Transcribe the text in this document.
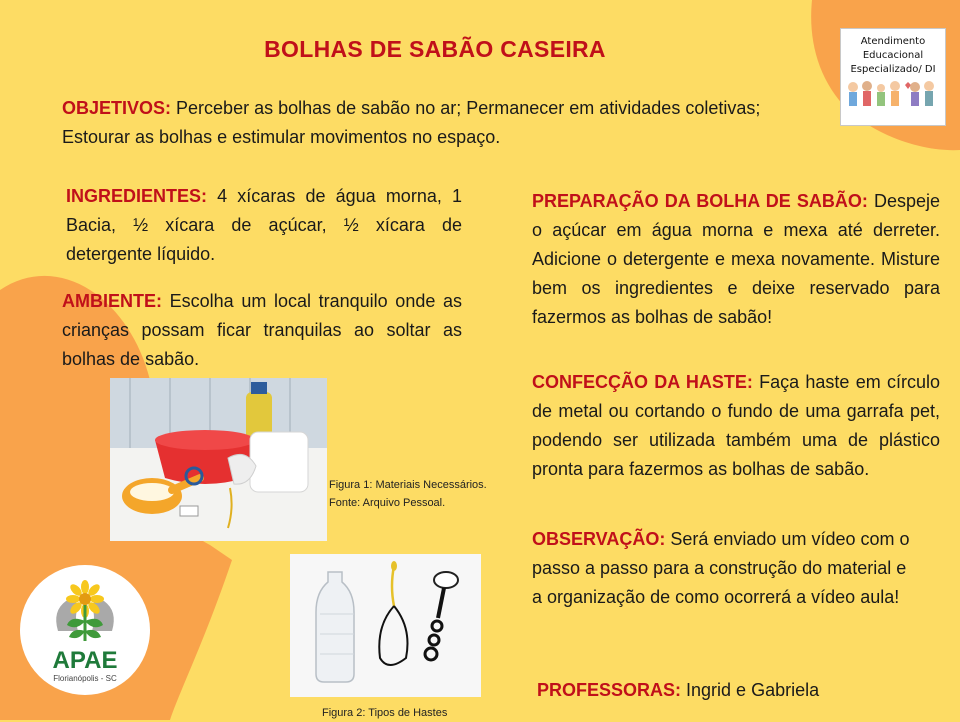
BOLHAS DE SABÃO CASEIRA	Atendimento
Educacional
Especializado/ DI
OBJETIVOS: Perceber as bolhas de sabão no ar; Permanecer em atividades coletivas; Estourar as bolhas e estimular movimentos no espaço.
INGREDIENTES: 4 xícaras de água morna, 1 Bacia, ½ xícara de açúcar, ½ xícara de detergente líquido.
AMBIENTE: Escolha um local tranquilo onde as crianças possam ficar tranquilas ao soltar as bolhas de sabão.
PREPARAÇÃO DA BOLHA DE SABÃO: Despeje o açúcar em água morna e mexa até derreter. Adicione o detergente e mexa novamente. Misture bem os ingredientes e deixe reservado para fazermos as bolhas de sabão!
CONFECÇÃO DA HASTE: Faça haste em círculo de metal ou cortando o fundo de uma garrafa pet, podendo ser utilizada também uma de plástico pronta para fazermos as bolhas de sabão.
OBSERVAÇÃO: Será enviado um vídeo com o passo a passo para a construção do material e a organização de como ocorrerá a vídeo aula!
PROFESSORAS: Ingrid e Gabriela
Figura 1: Materiais Necessários.
Fonte: Arquivo Pessoal.
Figura 2: Tipos de Hastes
APAE
Florianópolis - SC
